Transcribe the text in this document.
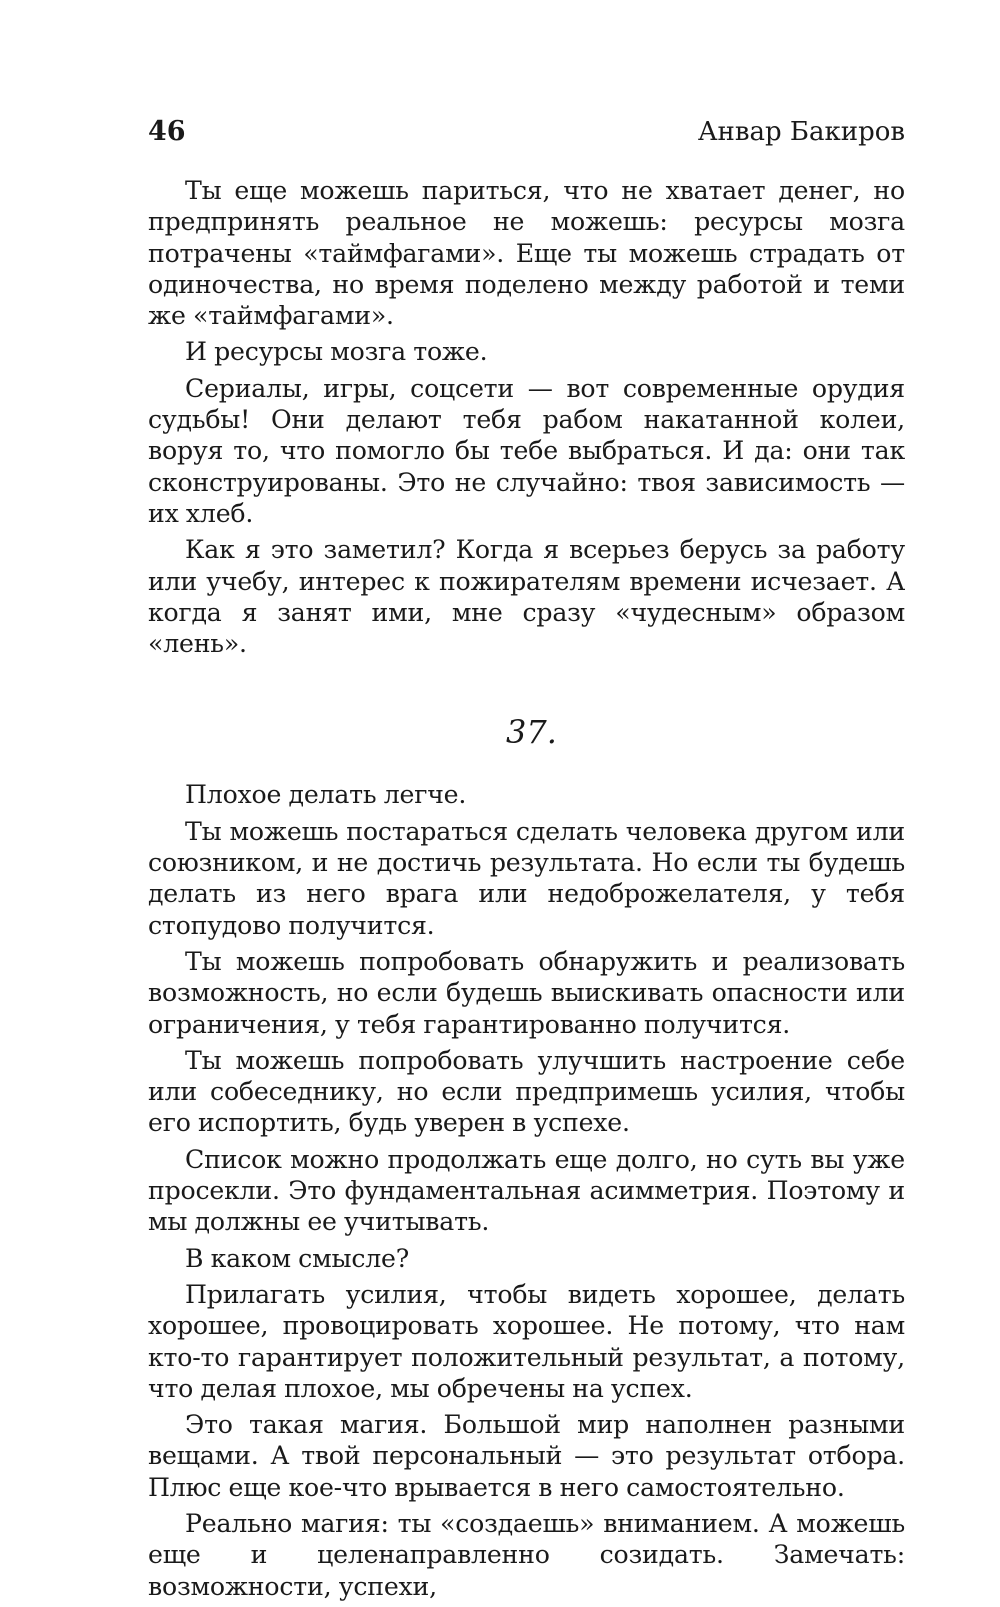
46	Анвар Бакиров

Ты еще можешь париться, что не хватает денег, но предпринять реальное не можешь: ресурсы мозга потрачены «таймфагами». Еще ты можешь страдать от одиночества, но время поделено между работой и теми же «таймфагами».

И ресурсы мозга тоже.

Сериалы, игры, соцсети — вот современные орудия судьбы! Они делают тебя рабом накатанной колеи, воруя то, что помогло бы тебе выбраться. И да: они так сконструированы. Это не случайно: твоя зависимость — их хлеб.

Как я это заметил? Когда я всерьез берусь за работу или учебу, интерес к пожирателям времени исчезает. А когда я занят ими, мне сразу «чудесным» образом «лень».

37.

Плохое делать легче.

Ты можешь постараться сделать человека другом или союзником, и не достичь результата. Но если ты будешь делать из него врага или недоброжелателя, у тебя стопудово получится.

Ты можешь попробовать обнаружить и реализовать возможность, но если будешь выискивать опасности или ограничения, у тебя гарантированно получится.

Ты можешь попробовать улучшить настроение себе или собеседнику, но если предпримешь усилия, чтобы его испортить, будь уверен в успехе.

Список можно продолжать еще долго, но суть вы уже просекли. Это фундаментальная асимметрия. Поэтому и мы должны ее учитывать.

В каком смысле?

Прилагать усилия, чтобы видеть хорошее, делать хорошее, провоцировать хорошее. Не потому, что нам кто-то гарантирует положительный результат, а потому, что делая плохое, мы обречены на успех.

Это такая магия. Большой мир наполнен разными вещами. А твой персональный — это результат отбора. Плюс еще кое-что врывается в него самостоятельно.

Реально магия: ты «создаешь» вниманием. А можешь еще и целенаправленно созидать. Замечать: возможности, успехи,
